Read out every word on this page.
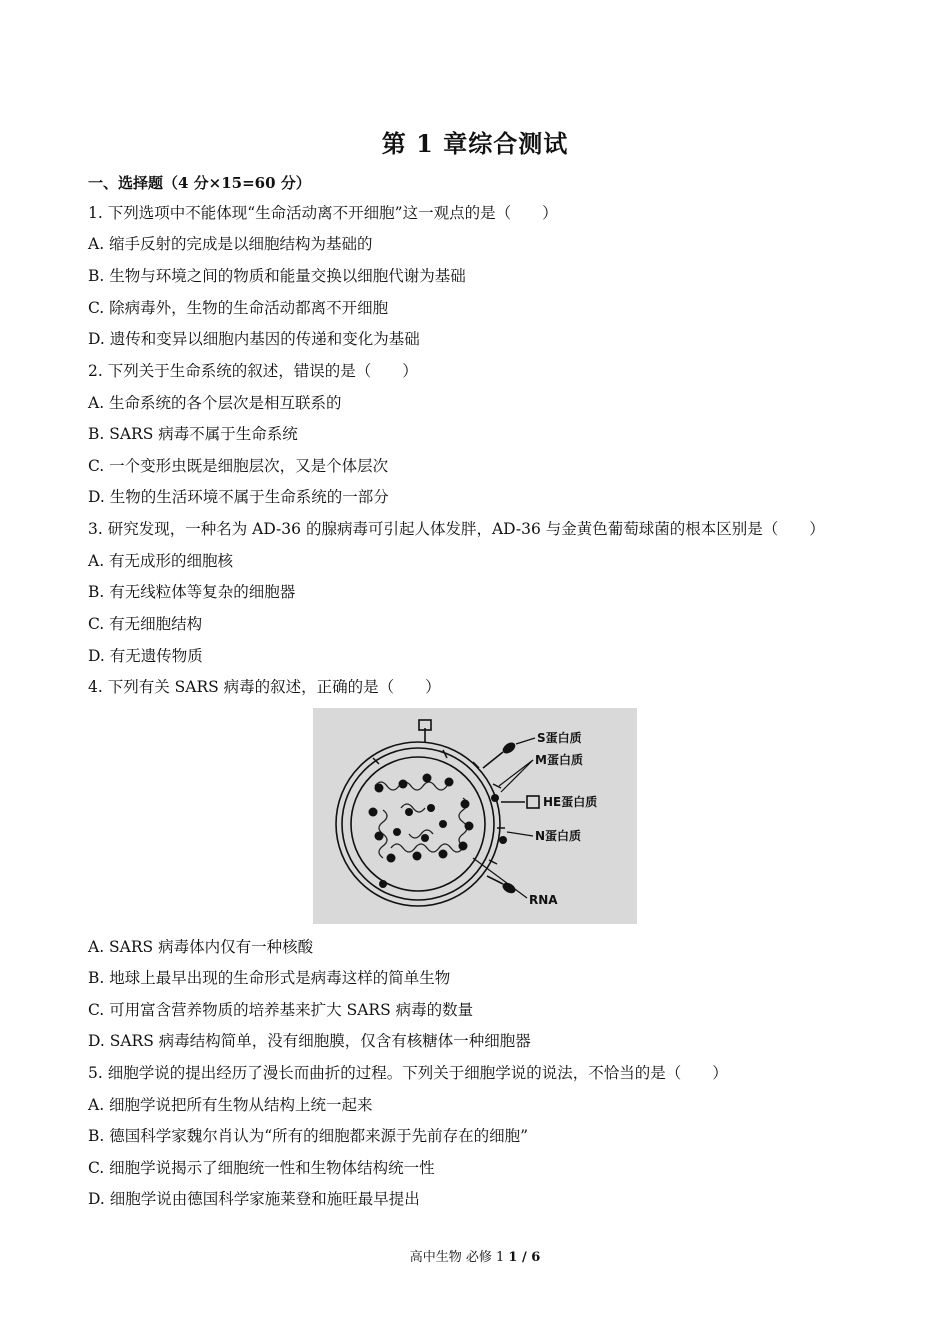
第 1 章综合测试
一、选择题（4 分×15=60 分）
1. 下列选项中不能体现“生命活动离不开细胞”这一观点的是（　　）
A. 缩手反射的完成是以细胞结构为基础的
B. 生物与环境之间的物质和能量交换以细胞代谢为基础
C. 除病毒外，生物的生命活动都离不开细胞
D. 遗传和变异以细胞内基因的传递和变化为基础
2. 下列关于生命系统的叙述，错误的是（　　）
A. 生命系统的各个层次是相互联系的
B. SARS 病毒不属于生命系统
C. 一个变形虫既是细胞层次，又是个体层次
D. 生物的生活环境不属于生命系统的一部分
3. 研究发现，一种名为 AD-36 的腺病毒可引起人体发胖，AD-36 与金黄色葡萄球菌的根本区别是（　　）
A. 有无成形的细胞核
B. 有无线粒体等复杂的细胞器
C. 有无细胞结构
D. 有无遗传物质
4. 下列有关 SARS 病毒的叙述，正确的是（　　）
S蛋白质
M蛋白质
HE蛋白质
N蛋白质
RNA
A. SARS 病毒体内仅有一种核酸
B. 地球上最早出现的生命形式是病毒这样的简单生物
C. 可用富含营养物质的培养基来扩大 SARS 病毒的数量
D. SARS 病毒结构简单，没有细胞膜，仅含有核糖体一种细胞器
5. 细胞学说的提出经历了漫长而曲折的过程。下列关于细胞学说的说法，不恰当的是（　　）
A. 细胞学说把所有生物从结构上统一起来
B. 德国科学家魏尔肖认为“所有的细胞都来源于先前存在的细胞”
C. 细胞学说揭示了细胞统一性和生物体结构统一性
D. 细胞学说由德国科学家施莱登和施旺最早提出
高中生物 必修 1 1 / 6
